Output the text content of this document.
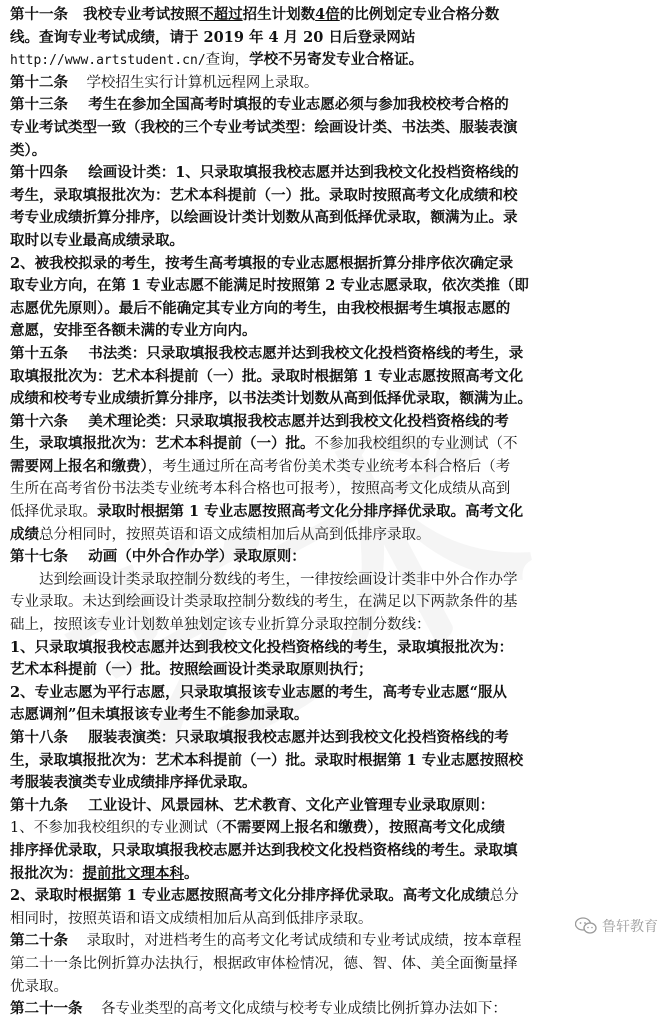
第十一条 我校专业考试按照不超过招生计划数4倍的比例划定专业合格分数
线。查询专业考试成绩，请于 2019 年 4 月 20 日后登录网站
http://www.artstudent.cn/查询，学校不另寄发专业合格证。
第十二条 学校招生实行计算机远程网上录取。
第十三条 考生在参加全国高考时填报的专业志愿必须与参加我校校考合格的
专业考试类型一致（我校的三个专业考试类型：绘画设计类、书法类、服装表演
类）。
第十四条 绘画设计类：1、只录取填报我校志愿并达到我校文化投档资格线的
考生，录取填报批次为：艺术本科提前（一）批。录取时按照高考文化成绩和校
考专业成绩折算分排序，以绘画设计类计划数从高到低择优录取，额满为止。录
取时以专业最高成绩录取。
2、被我校拟录的考生，按考生高考填报的专业志愿根据折算分排序依次确定录
取专业方向，在第 1 专业志愿不能满足时按照第 2 专业志愿录取，依次类推（即
志愿优先原则）。最后不能确定其专业方向的考生，由我校根据考生填报志愿的
意愿，安排至各额未满的专业方向内。
第十五条 书法类：只录取填报我校志愿并达到我校文化投档资格线的考生，录
取填报批次为：艺术本科提前（一）批。录取时根据第 1 专业志愿按照高考文化
成绩和校考专业成绩折算分排序，以书法类计划数从高到低择优录取，额满为止。
第十六条 美术理论类：只录取填报我校志愿并达到我校文化投档资格线的考
生，录取填报批次为：艺术本科提前（一）批。不参加我校组织的专业测试（不
需要网上报名和缴费），考生通过所在高考省份美术类专业统考本科合格后（考
生所在高考省份书法类专业统考本科合格也可报考），按照高考文化成绩从高到
低择优录取。录取时根据第 1 专业志愿按照高考文化分排序择优录取。高考文化
成绩总分相同时，按照英语和语文成绩相加后从高到低排序录取。
第十七条 动画（中外合作办学）录取原则：
达到绘画设计类录取控制分数线的考生，一律按绘画设计类非中外合作办学
专业录取。未达到绘画设计类录取控制分数线的考生，在满足以下两款条件的基
础上，按照该专业计划数单独划定该专业折算分录取控制分数线：
1、只录取填报我校志愿并达到我校文化投档资格线的考生，录取填报批次为：
艺术本科提前（一）批。按照绘画设计类录取原则执行；
2、专业志愿为平行志愿，只录取填报该专业志愿的考生，高考专业志愿“服从
志愿调剂”但未填报该专业考生不能参加录取。
第十八条 服装表演类：只录取填报我校志愿并达到我校文化投档资格线的考
生，录取填报批次为：艺术本科提前（一）批。录取时根据第 1 专业志愿按照校
考服装表演类专业成绩排序择优录取。
第十九条 工业设计、风景园林、艺术教育、文化产业管理专业录取原则：
1、不参加我校组织的专业测试（不需要网上报名和缴费），按照高考文化成绩
排序择优录取，只录取填报我校志愿并达到我校文化投档资格线的考生。录取填
报批次为：提前批文理本科。
2、录取时根据第 1 专业志愿按照高考文化分排序择优录取。高考文化成绩总分
相同时，按照英语和语文成绩相加后从高到低排序录取。
第二十条 录取时，对进档考生的高考文化考试成绩和专业考试成绩，按本章程
第二十一条比例折算办法执行，根据政审体检情况，德、智、体、美全面衡量择
优录取。
第二十一条 各专业类型的高考文化成绩与校考专业成绩比例折算办法如下：
鲁轩教育
